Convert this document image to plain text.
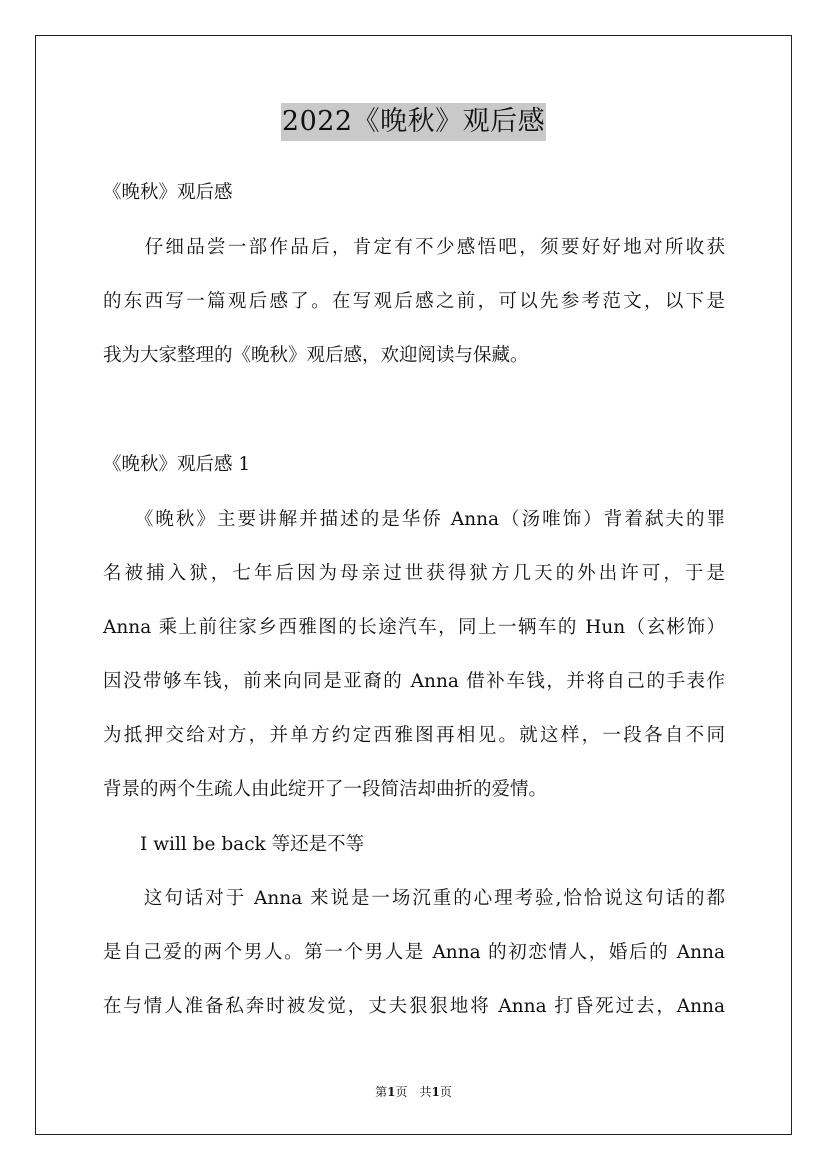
2022《晚秋》观后感
《晚秋》观后感
　　仔细品尝一部作品后，肯定有不少感悟吧，须要好好地对所收获
的东西写一篇观后感了。在写观后感之前，可以先参考范文，以下是
我为大家整理的《晚秋》观后感，欢迎阅读与保藏。
《晚秋》观后感 1
　　《晚秋》主要讲解并描述的是华侨 Anna（汤唯饰）背着弑夫的罪
名被捕入狱，七年后因为母亲过世获得狱方几天的外出许可，于是
Anna 乘上前往家乡西雅图的长途汽车，同上一辆车的 Hun（玄彬饰）
因没带够车钱，前来向同是亚裔的 Anna 借补车钱，并将自己的手表作
为抵押交给对方，并单方约定西雅图再相见。就这样，一段各自不同
背景的两个生疏人由此绽开了一段简洁却曲折的爱情。
　　I will be back 等还是不等
　　这句话对于 Anna 来说是一场沉重的心理考验,恰恰说这句话的都
是自己爱的两个男人。第一个男人是 Anna 的初恋情人，婚后的 Anna
在与情人准备私奔时被发觉，丈夫狠狠地将 Anna 打昏死过去，Anna
第1页　共1页
